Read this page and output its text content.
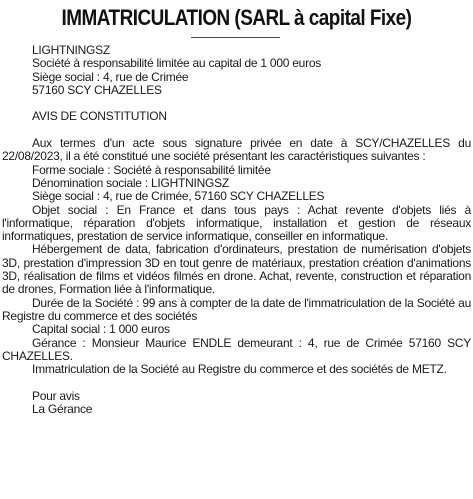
IMMATRICULATION (SARL à capital Fixe)

LIGHTNINGSZ

Société à responsabilité limitée au capital de 1 000 euros

Siège social : 4, rue de Crimée

57160 SCY CHAZELLES

AVIS DE CONSTITUTION

Aux termes d'un acte sous signature privée en date à SCY/CHAZELLES du 22/08/2023, il a été constitué une société présentant les caractéristiques suivantes :

Forme sociale : Société à responsabilité limitée

Dénomination sociale : LIGHTNINGSZ

Siège social : 4, rue de Crimée, 57160 SCY CHAZELLES

Objet social : En France et dans tous pays : Achat revente d'objets liés à l'informatique, réparation d'objets informatique, installation et gestion de réseaux informatiques, prestation de service informatique, conseiller en informatique.

Hébergement de data, fabrication d'ordinateurs, prestation de numérisation d'objets 3D, prestation d'impression 3D en tout genre de matériaux, prestation création d'animations 3D, réalisation de films et vidéos filmés en drone. Achat, revente, construction et réparation de drones, Formation liée à l'informatique.

Durée de la Société : 99 ans à compter de la date de l'immatriculation de la Société au Registre du commerce et des sociétés

Capital social : 1 000 euros

Gérance : Monsieur Maurice ENDLE demeurant : 4, rue de Crimée 57160 SCY CHAZELLES.

Immatriculation de la Société au Registre du commerce et des sociétés de METZ.

Pour avis

La Gérance
